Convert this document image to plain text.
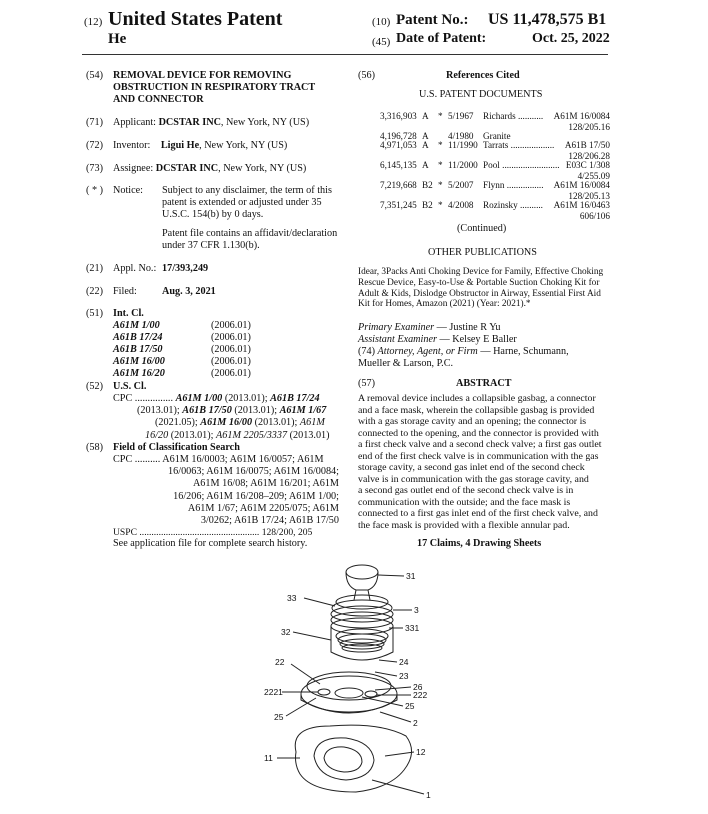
(12) United States Patent
He
(10) Patent No.: US 11,478,575 B1
(45) Date of Patent:	Oct. 25, 2022
(54) REMOVAL DEVICE FOR REMOVING
OBSTRUCTION IN RESPIRATORY TRACT
AND CONNECTOR
(71) Applicant: DCSTAR INC, New York, NY (US)
(72) Inventor: Ligui He, New York, NY (US)
(73) Assignee: DCSTAR INC, New York, NY (US)
( * ) Notice: Subject to any disclaimer, the term of this
patent is extended or adjusted under 35
U.S.C. 154(b) by 0 days.
Patent file contains an affidavit/declaration
under 37 CFR 1.130(b).
(21) Appl. No.: 17/393,249
(22) Filed: Aug. 3, 2021
(51) Int. Cl.
A61M 1/00	(2006.01)
A61B 17/24	(2006.01)
A61B 17/50	(2006.01)
A61M 16/00	(2006.01)
A61M 16/20	(2006.01)
(52) U.S. Cl.
CPC ............... A61M 1/00 (2013.01); A61B 17/24
(2013.01); A61B 17/50 (2013.01); A61M 1/67
(2021.05); A61M 16/00 (2013.01); A61M
16/20 (2013.01); A61M 2205/3337 (2013.01)
(58) Field of Classification Search
CPC .......... A61M 16/0003; A61M 16/0057; A61M
16/0063; A61M 16/0075; A61M 16/0084;
A61M 16/08; A61M 16/201; A61M
16/206; A61M 16/208–209; A61M 1/00;
A61M 1/67; A61M 2205/075; A61M
3/0262; A61B 17/24; A61B 17/50
USPC .................................................. 128/200, 205
See application file for complete search history.
(56)	References Cited
U.S. PATENT DOCUMENTS
3,316,903 A * 5/1967 Richards ........... A61M 16/0084
128/205.16
4,196,728 A 4/1980 Granite
4,971,053 A * 11/1990 Tarrats ................... A61B 17/50
128/206.28
6,145,135 A * 11/2000 Pool ......................... E03C 1/308
4/255.09
7,219,668 B2 * 5/2007 Flynn ................ A61M 16/0084
128/205.13
7,351,245 B2 * 4/2008 Rozinsky .......... A61M 16/0463
606/106
(Continued)
OTHER PUBLICATIONS
Idear, 3Packs Anti Choking Device for Family, Effective Choking
Rescue Device, Easy-to-Use & Portable Suction Choking Kit for
Adult & Kids, Dislodge Obstructor in Airway, Essential First Aid
Kit for Homes, Amazon (2021) (Year: 2021).*
Primary Examiner — Justine R Yu
Assistant Examiner — Kelsey E Baller
(74) Attorney, Agent, or Firm — Harne, Schumann,
Mueller & Larson, P.C.
(57)	ABSTRACT
A removal device includes a collapsible gasbag, a connector
and a face mask, wherein the collapsible gasbag is provided
with a gas storage cavity and an opening; the connector is
connected to the opening, and the connector is provided with
a first check valve and a second check valve; a first gas outlet
end of the first check valve is in communication with the gas
storage cavity, a second gas inlet end of the second check
valve is in communication with the gas storage cavity, and
a second gas outlet end of the second check valve is in
communication with the outside; and the face mask is
connected to a first gas inlet end of the first check valve, and
the face mask is provided with a flexible annular pad.
17 Claims, 4 Drawing Sheets
31
33
3
32	331
22	24
23
26
2221	222
25
25
2
11
12
1
